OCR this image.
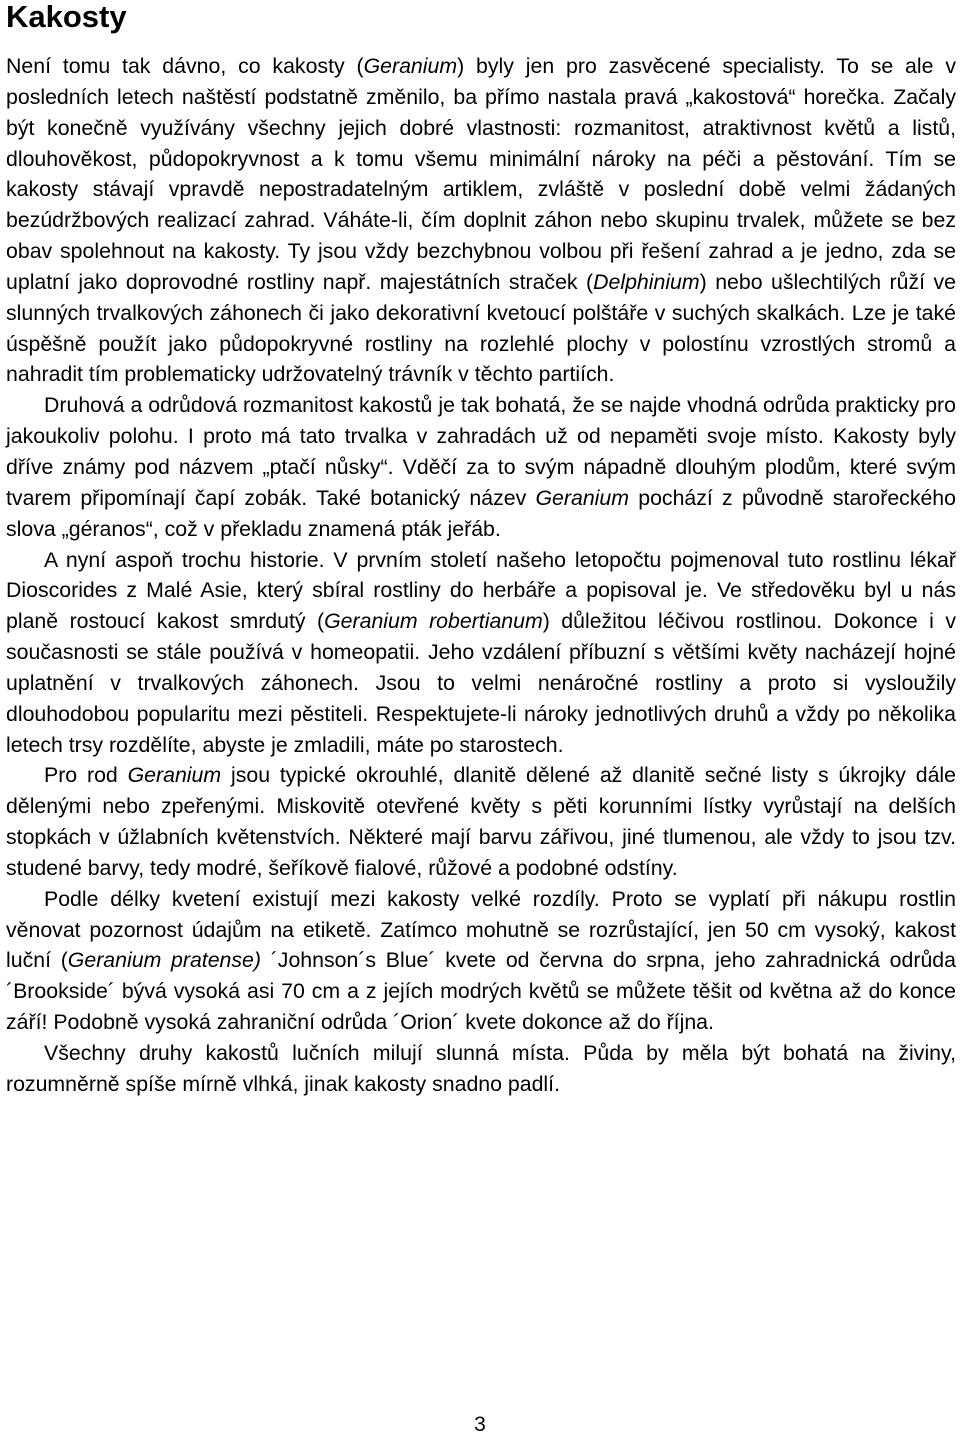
Kakosty

Není tomu tak dávno, co kakosty (Geranium) byly jen pro zasvěcené specialisty. To se ale v posledních letech naštěstí podstatně změnilo, ba přímo nastala pravá „kakostová“ horečka. Začaly být konečně využívány všechny jejich dobré vlastnosti: rozmanitost, atraktivnost květů a listů, dlouhověkost, půdopokryvnost a k tomu všemu minimální nároky na péči a pěstování. Tím se kakosty stávají vpravdě nepostradatelným artiklem, zvláště v poslední době velmi žádaných bezúdržbových realizací zahrad. Váháte-li, čím doplnit záhon nebo skupinu trvalek, můžete se bez obav spolehnout na kakosty. Ty jsou vždy bezchybnou volbou při řešení zahrad a je jedno, zda se uplatní jako doprovodné rostliny např. majestátních straček (Delphinium) nebo ušlechtilých růží ve slunných trvalkových záhonech či jako dekorativní kvetoucí polštáře v suchých skalkách. Lze je také úspěšně použít jako půdopokryvné rostliny na rozlehlé plochy v polostínu vzrostlých stromů a nahradit tím problematicky udržovatelný trávník v těchto partiích.

Druhová a odrůdová rozmanitost kakostů je tak bohatá, že se najde vhodná odrůda prakticky pro jakoukoliv polohu. I proto má tato trvalka v zahradách už od nepaměti svoje místo. Kakosty byly dříve známy pod názvem „ptačí nůsky“. Vděčí za to svým nápadně dlouhým plodům, které svým tvarem připomínají čapí zobák. Také botanický název Geranium pochází z původně starořeckého slova „géranos“, což v překladu znamená pták jeřáb.

A nyní aspoň trochu historie. V prvním století našeho letopočtu pojmenoval tuto rostlinu lékař Dioscorides z Malé Asie, který sbíral rostliny do herbáře a popisoval je. Ve středověku byl u nás planě rostoucí kakost smrdutý (Geranium robertianum) důležitou léčivou rostlinou. Dokonce i v současnosti se stále používá v homeopatii. Jeho vzdálení příbuzní s většími květy nacházejí hojné uplatnění v trvalkových záhonech. Jsou to velmi nenáročné rostliny a proto si vysloužily dlouhodobou popularitu mezi pěstiteli. Respektujete-li nároky jednotlivých druhů a vždy po několika letech trsy rozdělíte, abyste je zmladili, máte po starostech.

Pro rod Geranium jsou typické okrouhlé, dlanitě dělené až dlanitě sečné listy s úkrojky dále dělenými nebo zpeřenými. Miskovitě otevřené květy s pěti korunními lístky vyrůstají na delších stopkách v úžlabních květenstvích. Některé mají barvu zářivou, jiné tlumenou, ale vždy to jsou tzv. studené barvy, tedy modré, šeříkově fialové, růžové a podobné odstíny.

Podle délky kvetení existují mezi kakosty velké rozdíly. Proto se vyplatí při nákupu rostlin věnovat pozornost údajům na etiketě. Zatímco mohutně se rozrůstající, jen 50 cm vysoký, kakost luční (Geranium pratense) ´Johnson´s Blue´ kvete od června do srpna, jeho zahradnická odrůda ´Brookside´ bývá vysoká asi 70 cm a z jejích modrých květů se můžete těšit od května až do konce září! Podobně vysoká zahraniční odrůda ´Orion´ kvete dokonce až do října.

Všechny druhy kakostů lučních milují slunná místa. Půda by měla být bohatá na živiny, rozumněrně spíše mírně vlhká, jinak kakosty snadno padlí.

3
